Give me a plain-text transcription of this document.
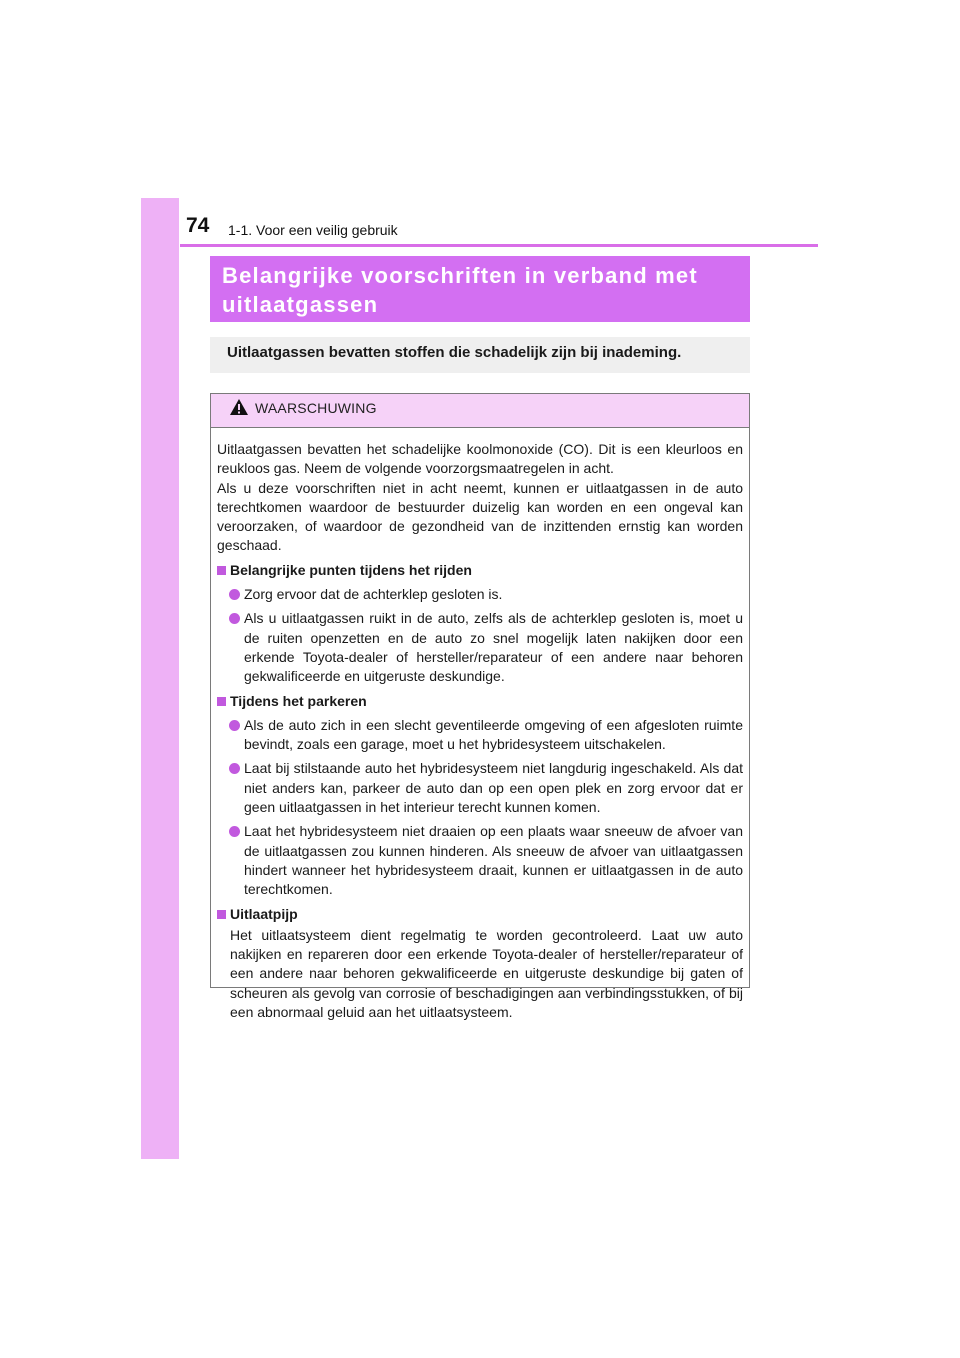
74 1-1. Voor een veilig gebruik
Belangrijke voorschriften in verband met
uitlaatgassen
Uitlaatgassen bevatten stoffen die schadelijk zijn bij inademing.
WAARSCHUWING

Uitlaatgassen bevatten het schadelijke koolmonoxide (CO). Dit is een kleurloos en reukloos gas. Neem de volgende voorzorgsmaatregelen in acht.

Als u deze voorschriften niet in acht neemt, kunnen er uitlaatgassen in de auto terechtkomen waardoor de bestuurder duizelig kan worden en een ongeval kan veroorzaken, of waardoor de gezondheid van de inzittenden ernstig kan worden geschaad.

Belangrijke punten tijdens het rijden
Zorg ervoor dat de achterklep gesloten is.
Als u uitlaatgassen ruikt in de auto, zelfs als de achterklep gesloten is, moet u de ruiten openzetten en de auto zo snel mogelijk laten nakijken door een erkende Toyota-dealer of hersteller/reparateur of een andere naar behoren gekwalificeerde en uitgeruste deskundige.
Tijdens het parkeren
Als de auto zich in een slecht geventileerde omgeving of een afgesloten ruimte bevindt, zoals een garage, moet u het hybridesysteem uitschakelen.
Laat bij stilstaande auto het hybridesysteem niet langdurig ingeschakeld. Als dat niet anders kan, parkeer de auto dan op een open plek en zorg ervoor dat er geen uitlaatgassen in het interieur terecht kunnen komen.
Laat het hybridesysteem niet draaien op een plaats waar sneeuw de afvoer van de uitlaatgassen zou kunnen hinderen. Als sneeuw de afvoer van uitlaatgassen hindert wanneer het hybridesysteem draait, kunnen er uitlaatgassen in de auto terechtkomen.
Uitlaatpijp
Het uitlaatsysteem dient regelmatig te worden gecontroleerd. Laat uw auto nakijken en repareren door een erkende Toyota-dealer of hersteller/reparateur of een andere naar behoren gekwalificeerde en uitgeruste deskundige bij gaten of scheuren als gevolg van corrosie of beschadigingen aan verbindingsstukken, of bij een abnormaal geluid aan het uitlaatsysteem.
